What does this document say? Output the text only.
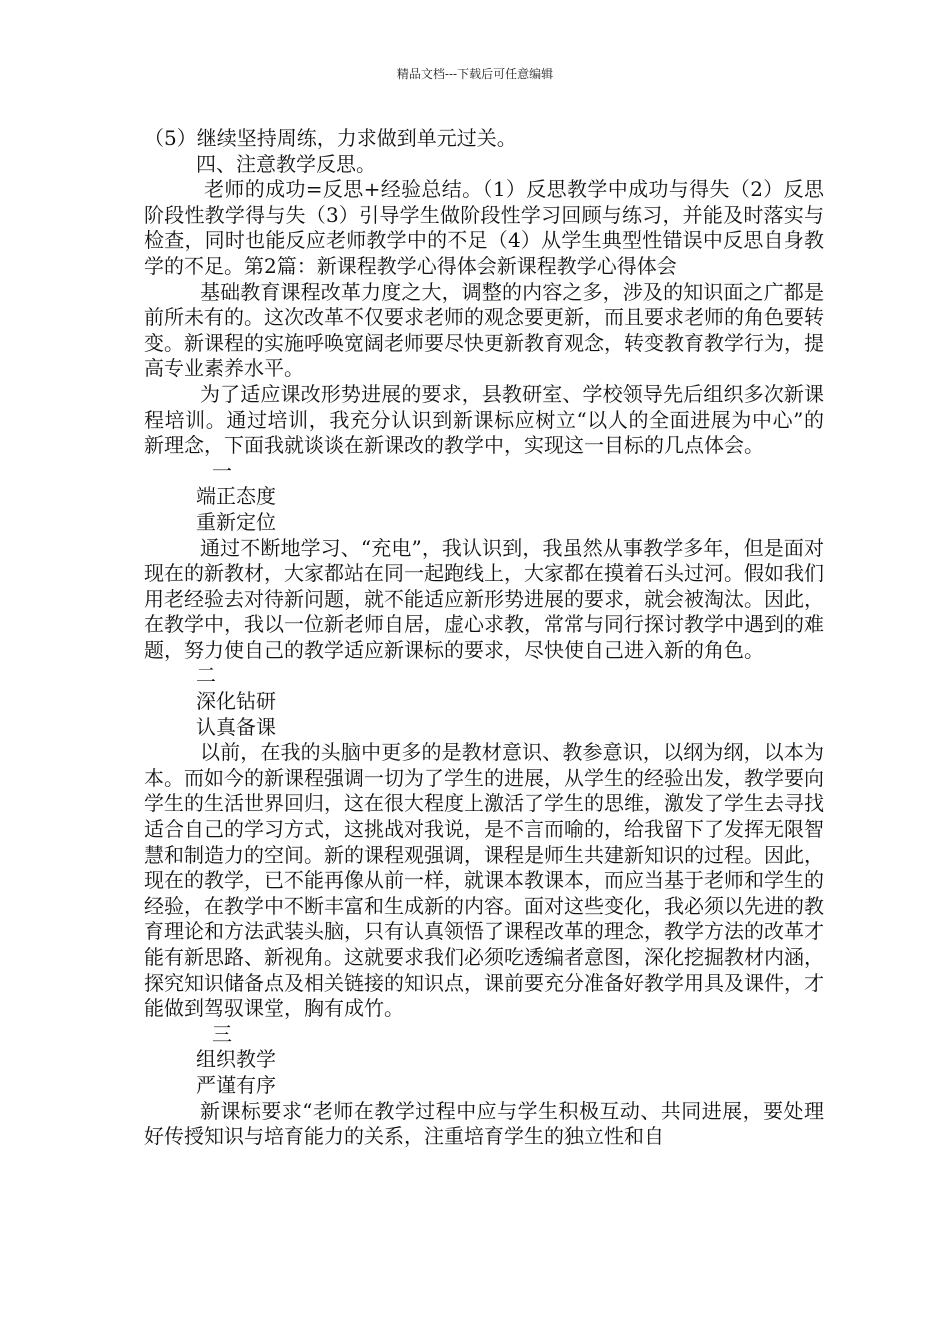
精品文档---下载后可任意编辑

（5）继续坚持周练，力求做到单元过关。

四、注意教学反思。

老师的成功=反思+经验总结。（1）反思教学中成功与得失（2）反思阶段性教学得与失（3）引导学生做阶段性学习回顾与练习，并能及时落实与检查，同时也能反应老师教学中的不足（4）从学生典型性错误中反思自身教学的不足。第2篇：新课程教学心得体会新课程教学心得体会

基础教育课程改革力度之大，调整的内容之多，涉及的知识面之广都是前所未有的。这次改革不仅要求老师的观念要更新，而且要求老师的角色要转变。新课程的实施呼唤宽阔老师要尽快更新教育观念，转变教育教学行为，提高专业素养水平。

为了适应课改形势进展的要求，县教研室、学校领导先后组织多次新课程培训。通过培训，我充分认识到新课标应树立“以人的全面进展为中心”的新理念，下面我就谈谈在新课改的教学中，实现这一目标的几点体会。

一

端正态度

重新定位

通过不断地学习、“充电”，我认识到，我虽然从事教学多年，但是面对现在的新教材，大家都站在同一起跑线上，大家都在摸着石头过河。假如我们用老经验去对待新问题，就不能适应新形势进展的要求，就会被淘汰。因此，在教学中，我以一位新老师自居，虚心求教，常常与同行探讨教学中遇到的难题，努力使自己的教学适应新课标的要求，尽快使自己进入新的角色。

二

深化钻研

认真备课

以前，在我的头脑中更多的是教材意识、教参意识，以纲为纲，以本为本。而如今的新课程强调一切为了学生的进展，从学生的经验出发，教学要向学生的生活世界回归，这在很大程度上激活了学生的思维，激发了学生去寻找适合自己的学习方式，这挑战对我说，是不言而喻的，给我留下了发挥无限智慧和制造力的空间。新的课程观强调，课程是师生共建新知识的过程。因此，现在的教学，已不能再像从前一样，就课本教课本，而应当基于老师和学生的经验，在教学中不断丰富和生成新的内容。面对这些变化，我必须以先进的教育理论和方法武装头脑，只有认真领悟了课程改革的理念，教学方法的改革才能有新思路、新视角。这就要求我们必须吃透编者意图，深化挖掘教材内涵，探究知识储备点及相关链接的知识点，课前要充分准备好教学用具及课件，才能做到驾驭课堂，胸有成竹。

三

组织教学

严谨有序

新课标要求“老师在教学过程中应与学生积极互动、共同进展，要处理好传授知识与培育能力的关系，注重培育学生的独立性和自
